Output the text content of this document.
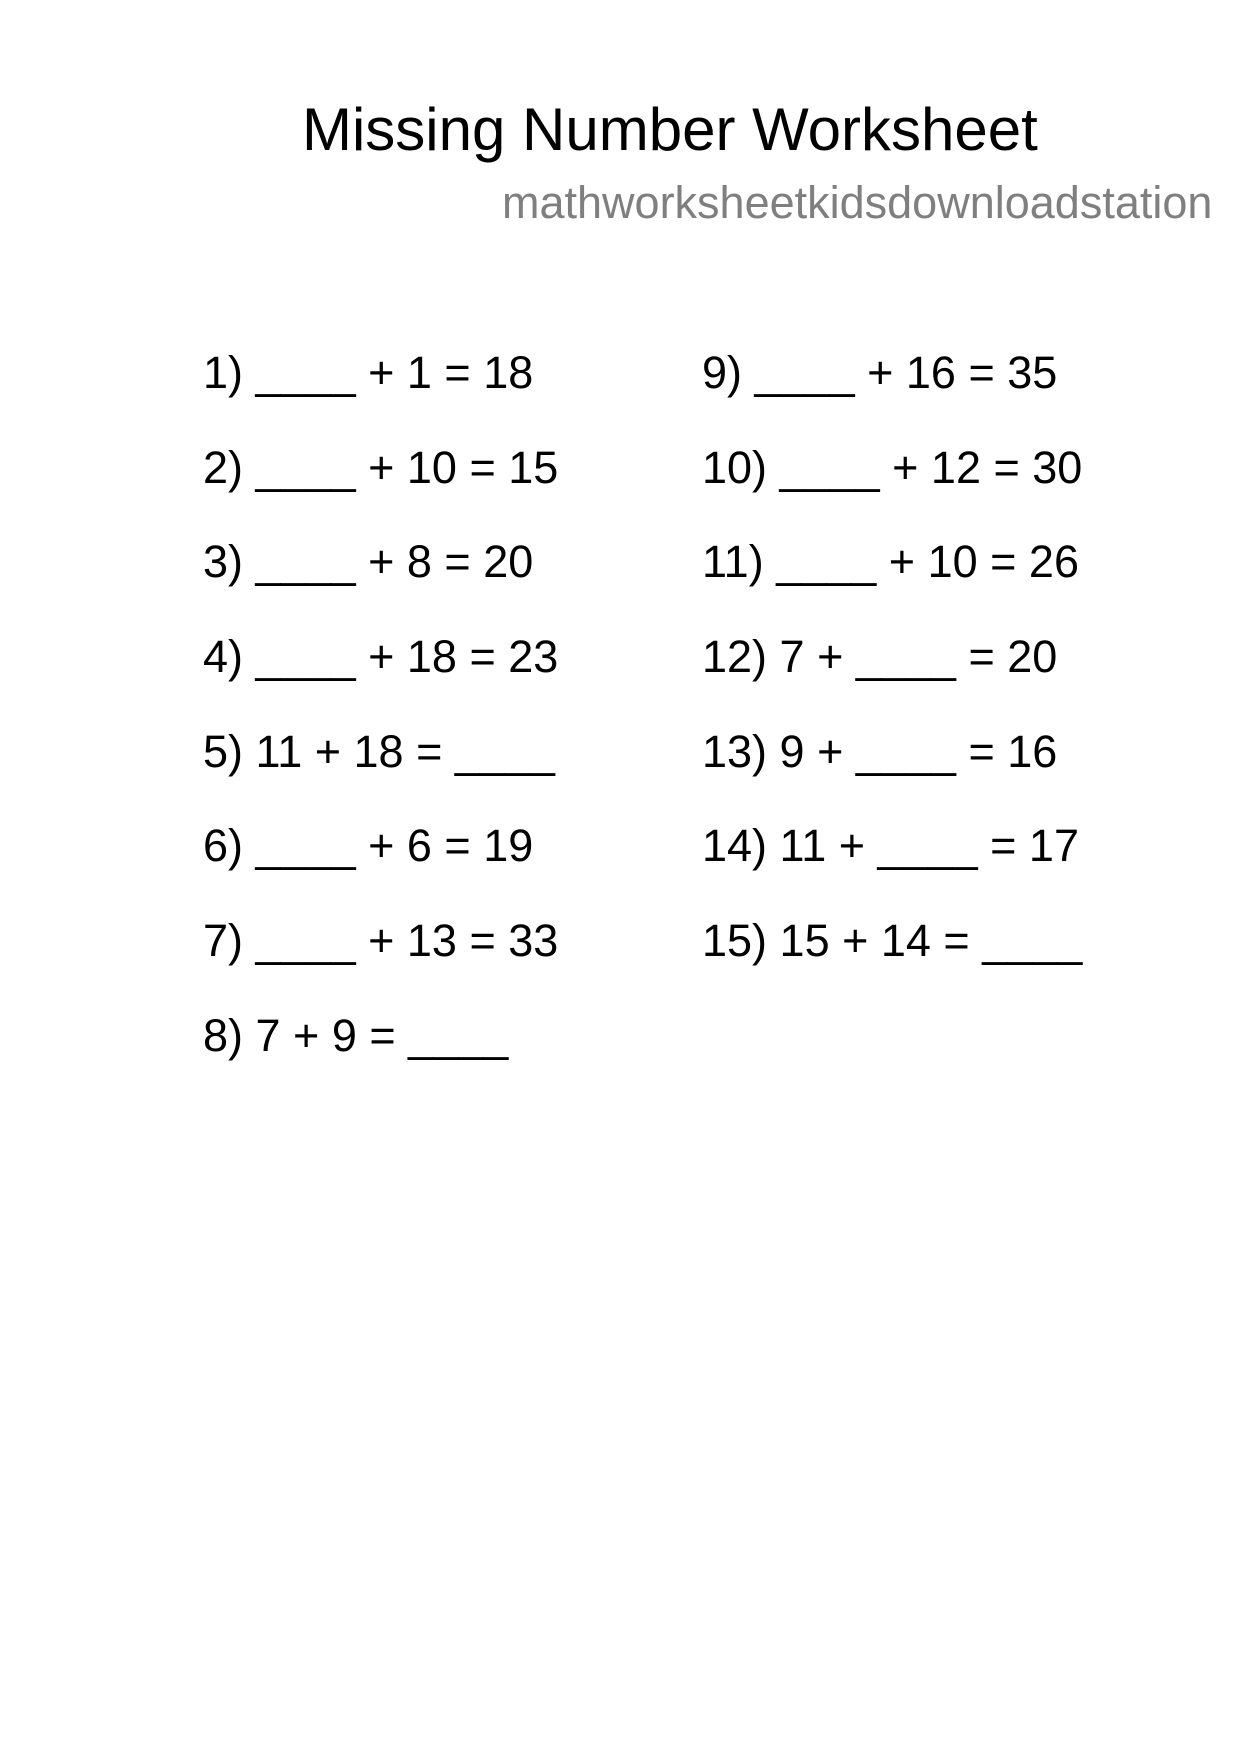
Missing Number Worksheet
mathworksheetkidsdownloadstation
1) ____ + 1 = 18
2) ____ + 10 = 15
3) ____ + 8 = 20
4) ____ + 18 = 23
5) 11 + 18 = ____
6) ____ + 6 = 19
7) ____ + 13 = 33
8) 7 + 9 = ____
9) ____ + 16 = 35
10) ____ + 12 = 30
11) ____ + 10 = 26
12) 7 + ____ = 20
13) 9 + ____ = 16
14) 11 + ____ = 17
15) 15 + 14 = ____
